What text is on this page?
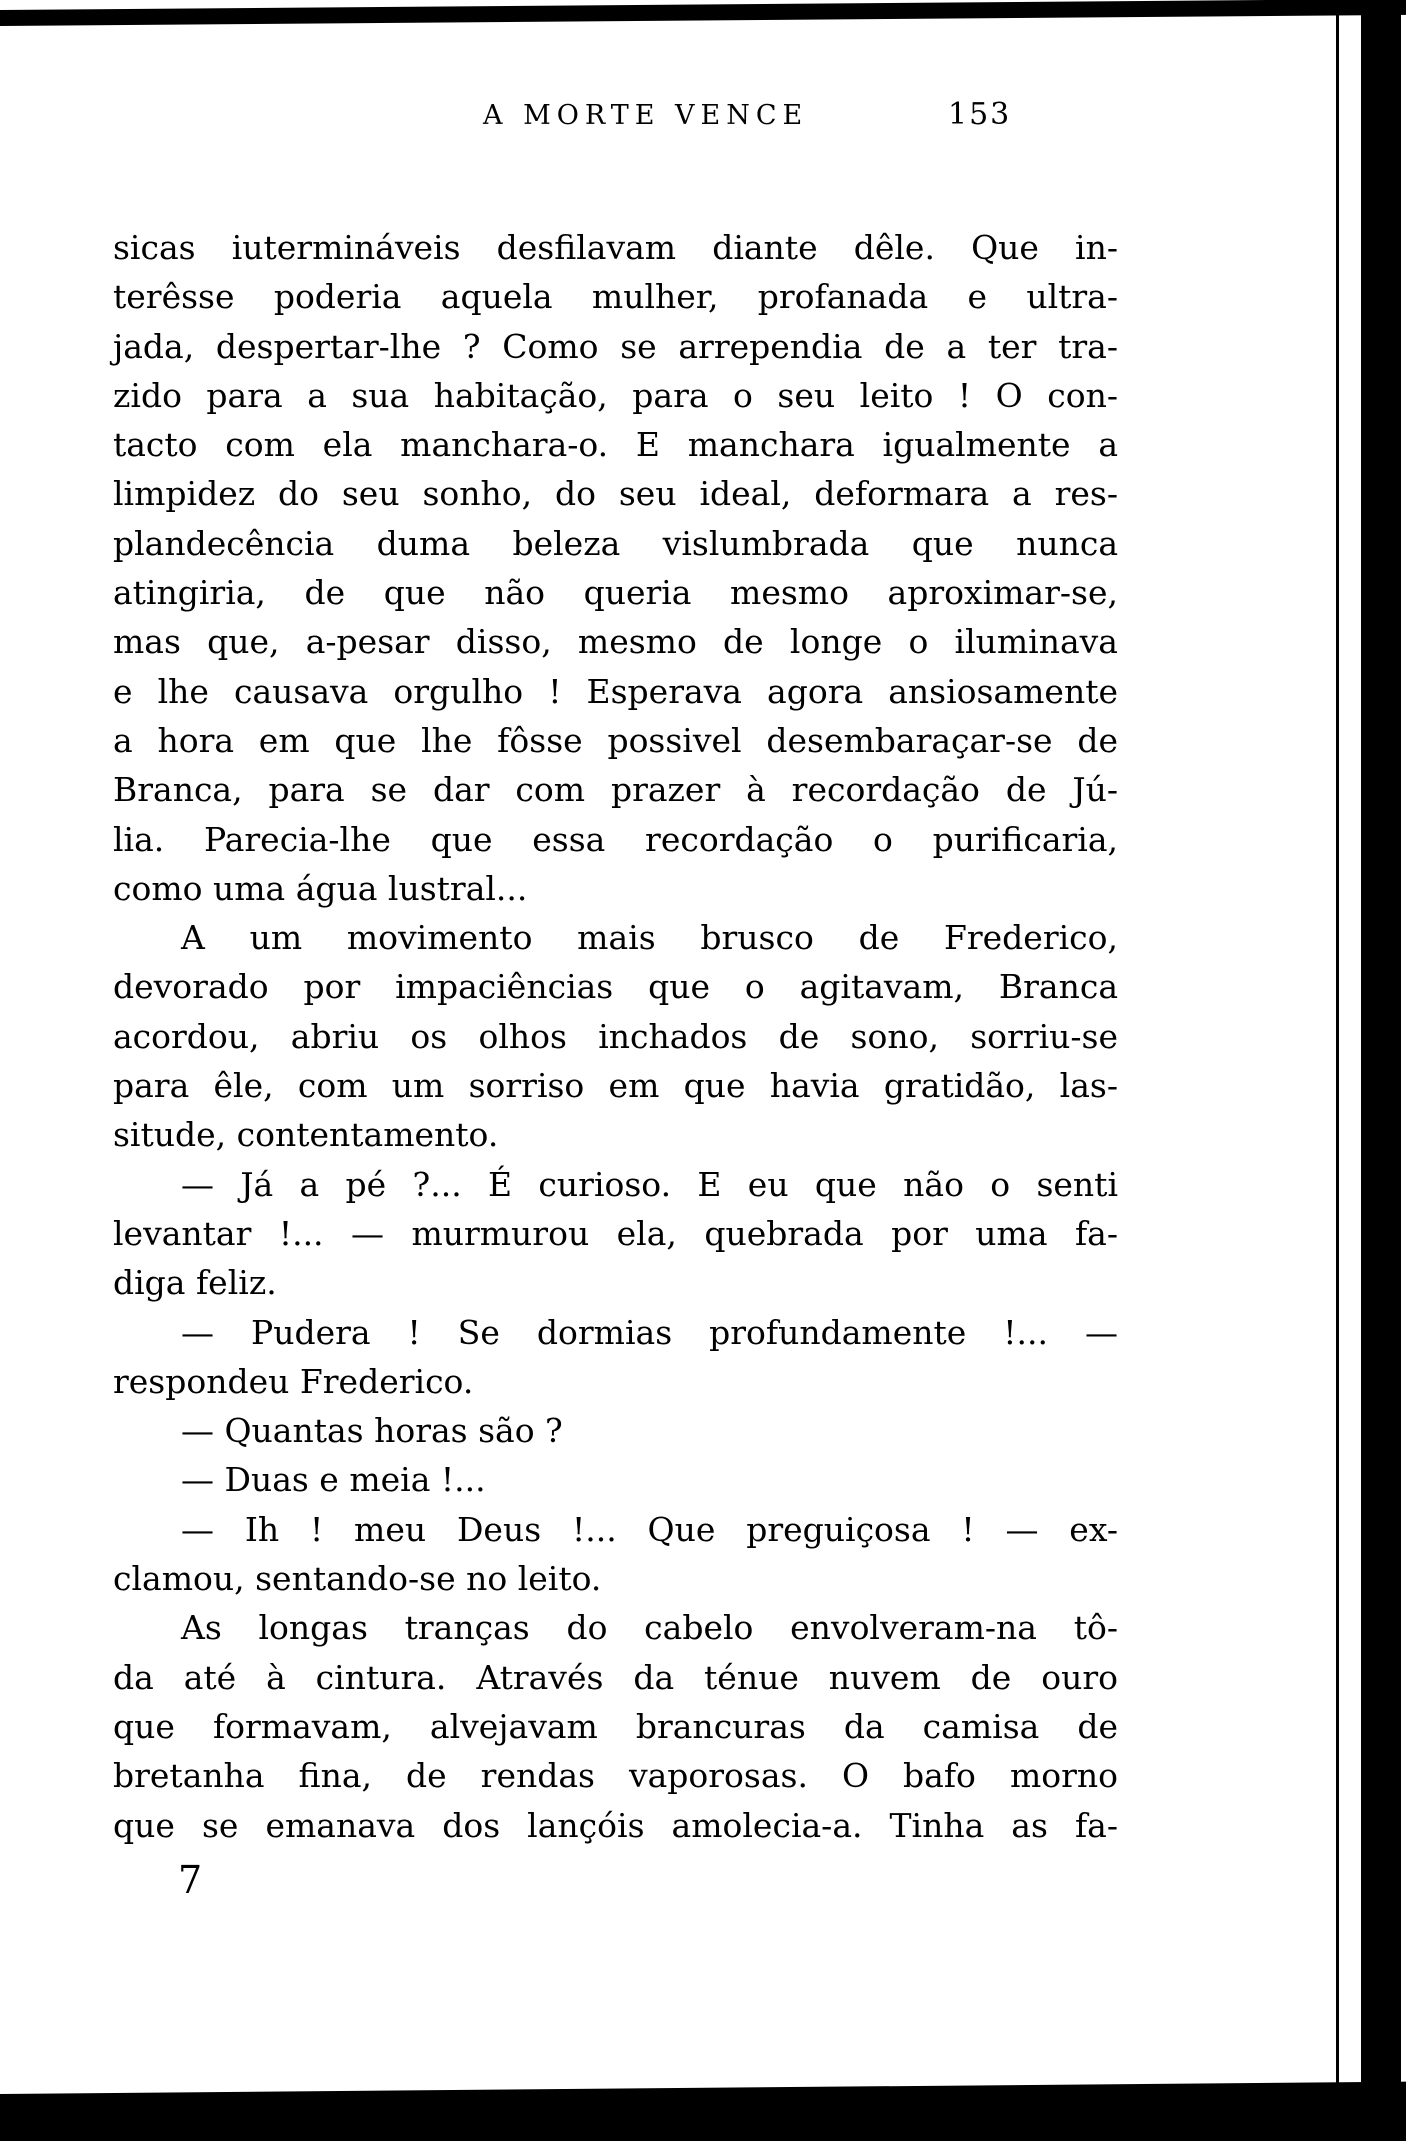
A MORTE VENCE	153
sicas iutermináveis desfilavam diante dêle. Que in-
terêsse poderia aquela mulher, profanada e ultra-
jada, despertar-lhe ? Como se arrependia de a ter tra-
zido para a sua habitação, para o seu leito ! O con-
tacto com ela manchara-o. E manchara igualmente a
limpidez do seu sonho, do seu ideal, deformara a res-
plandecência duma beleza vislumbrada que nunca
atingiria, de que não queria mesmo aproximar-se,
mas que, a-pesar disso, mesmo de longe o iluminava
e lhe causava orgulho ! Esperava agora ansiosamente
a hora em que lhe fôsse possivel desembaraçar-se de
Branca, para se dar com prazer à recordação de Jú-
lia. Parecia-lhe que essa recordação o purificaria,
como uma água lustral...
A um movimento mais brusco de Frederico,
devorado por impaciências que o agitavam, Branca
acordou, abriu os olhos inchados de sono, sorriu-se
para êle, com um sorriso em que havia gratidão, las-
situde, contentamento.
— Já a pé ?... É curioso. E eu que não o senti
levantar !... — murmurou ela, quebrada por uma fa-
diga feliz.
— Pudera ! Se dormias profundamente !... —
respondeu Frederico.
— Quantas horas são ?
— Duas e meia !...
— Ih ! meu Deus !... Que preguiçosa ! — ex-
clamou, sentando-se no leito.
As longas tranças do cabelo envolveram-na tô-
da até à cintura. Através da ténue nuvem de ouro
que formavam, alvejavam brancuras da camisa de
bretanha fina, de rendas vaporosas. O bafo morno
que se emanava dos lançóis amolecia-a. Tinha as fa-
7
